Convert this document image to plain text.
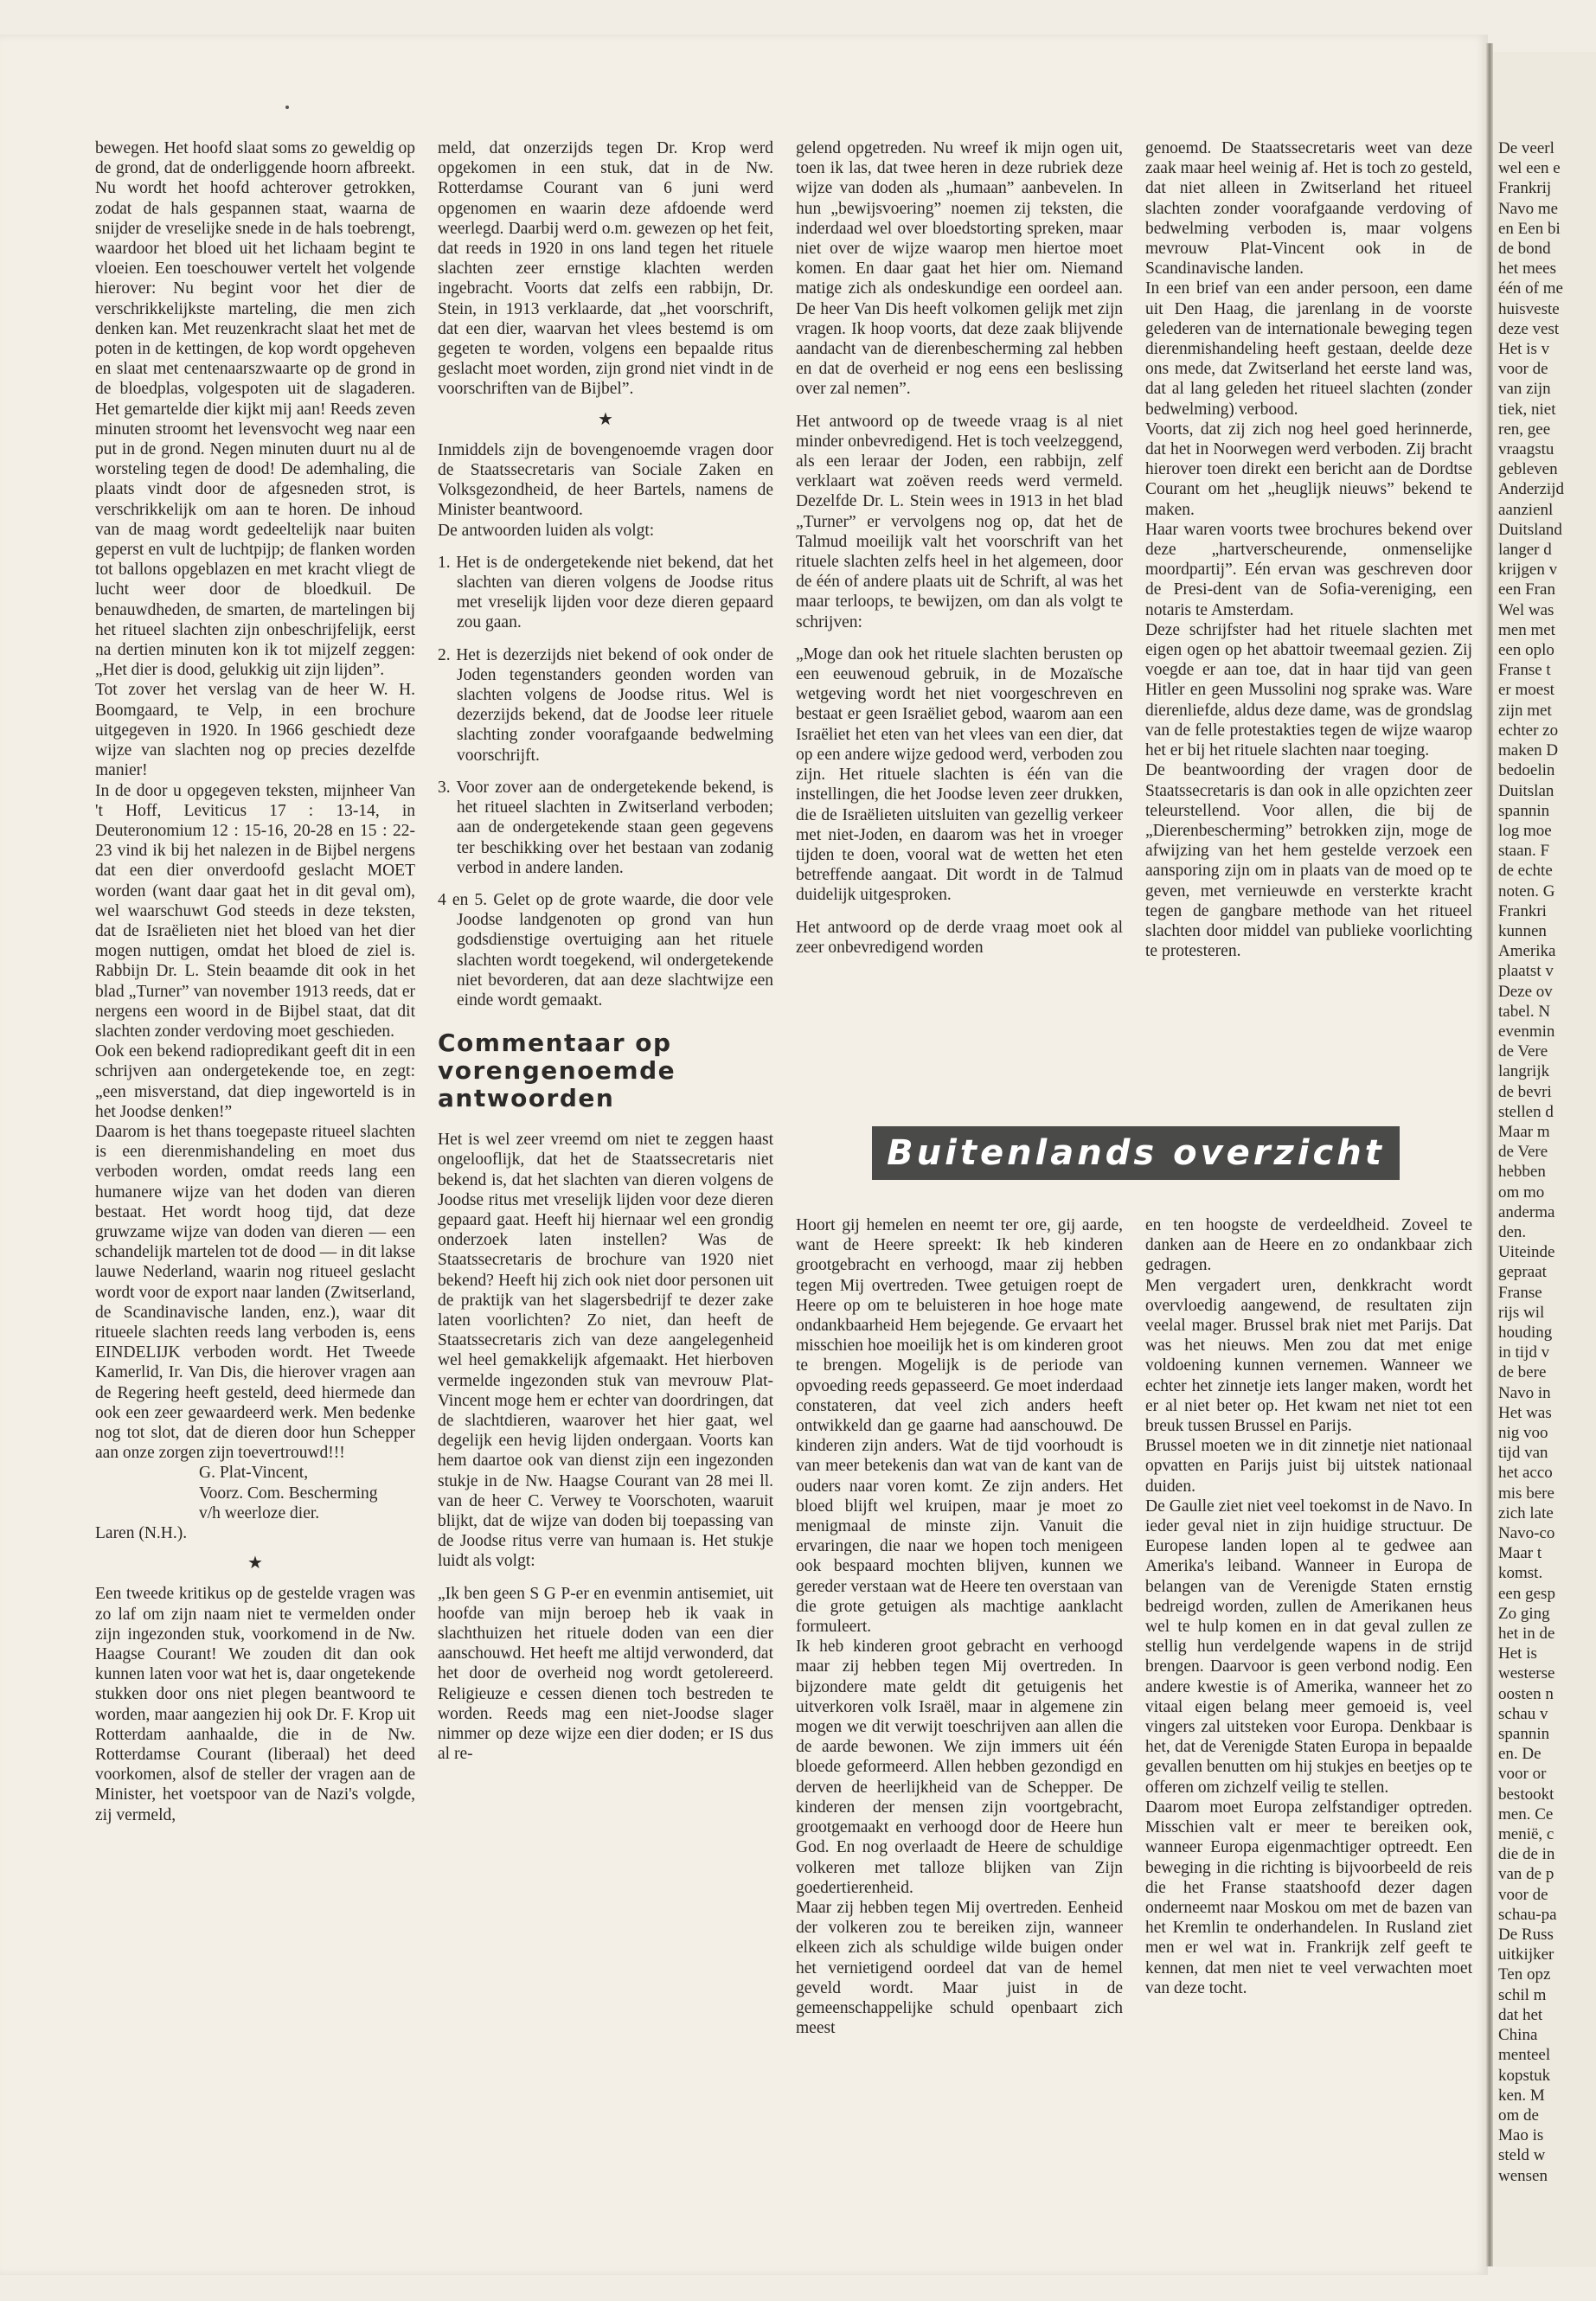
bewegen. Het hoofd slaat soms zo geweldig op de grond, dat de onderliggende hoorn afbreekt. Nu wordt het hoofd achterover getrokken, zodat de hals gespannen staat, waarna de snijder de vreselijke snede in de hals toebrengt, waardoor het bloed uit het lichaam begint te vloeien. Een toeschouwer vertelt het volgende hierover: Nu begint voor het dier de verschrikkelijkste marteling, die men zich denken kan. Met reuzenkracht slaat het met de poten in de kettingen, de kop wordt opgeheven en slaat met centenaarszwaarte op de grond in de bloedplas, volgespoten uit de slagaderen. Het gemartelde dier kijkt mij aan! Reeds zeven minuten stroomt het levensvocht weg naar een put in de grond. Negen minuten duurt nu al de worsteling tegen de dood! De ademhaling, die plaats vindt door de afgesneden strot, is verschrikkelijk om aan te horen. De inhoud van de maag wordt gedeeltelijk naar buiten geperst en vult de luchtpijp; de flanken worden tot ballons opgeblazen en met kracht vliegt de lucht weer door de bloedkuil. De benauwdheden, de smarten, de martelingen bij het ritueel slachten zijn onbeschrijfelijk, eerst na dertien minuten kon ik tot mijzelf zeggen: „Het dier is dood, gelukkig uit zijn lijden”.

Tot zover het verslag van de heer W. H. Boomgaard, te Velp, in een brochure uitgegeven in 1920. In 1966 geschiedt deze wijze van slachten nog op precies dezelfde manier!

In de door u opgegeven teksten, mijnheer Van 't Hoff, Leviticus 17 : 13-14, in Deuteronomium 12 : 15-16, 20-28 en 15 : 22-23 vind ik bij het nalezen in de Bijbel nergens dat een dier onverdoofd geslacht MOET worden (want daar gaat het in dit geval om), wel waarschuwt God steeds in deze teksten, dat de Israëlieten niet het bloed van het dier mogen nuttigen, omdat het bloed de ziel is. Rabbijn Dr. L. Stein beaamde dit ook in het blad „Turner” van november 1913 reeds, dat er nergens een woord in de Bijbel staat, dat dit slachten zonder verdoving moet geschieden.

Ook een bekend radiopredikant geeft dit in een schrijven aan ondergetekende toe, en zegt: „een misverstand, dat diep ingeworteld is in het Joodse denken!”

Daarom is het thans toegepaste ritueel slachten is een dierenmishandeling en moet dus verboden worden, omdat reeds lang een humanere wijze van het doden van dieren bestaat. Het wordt hoog tijd, dat deze gruwzame wijze van doden van dieren — een schandelijk martelen tot de dood — in dit lakse lauwe Nederland, waarin nog ritueel geslacht wordt voor de export naar landen (Zwitserland, de Scandinavische landen, enz.), waar dit ritueele slachten reeds lang verboden is, eens EINDELIJK verboden wordt. Het Tweede Kamerlid, Ir. Van Dis, die hierover vragen aan de Regering heeft gesteld, deed hiermede dan ook een zeer gewaardeerd werk. Men bedenke nog tot slot, dat de dieren door hun Schepper aan onze zorgen zijn toevertrouwd!!!

G. Plat-Vincent,

Voorz. Com. Bescherming

v/h weerloze dier.

Laren (N.H.).

★

Een tweede kritikus op de gestelde vragen was zo laf om zijn naam niet te vermelden onder zijn ingezonden stuk, voorkomend in de Nw. Haagse Courant! We zouden dit dan ook kunnen laten voor wat het is, daar ongetekende stukken door ons niet plegen beantwoord te worden, maar aangezien hij ook Dr. F. Krop uit Rotterdam aanhaalde, die in de Nw. Rotterdamse Courant (liberaal) het deed voorkomen, alsof de steller der vragen aan de Minister, het voetspoor van de Nazi's volgde, zij vermeld,

meld, dat onzerzijds tegen Dr. Krop werd opgekomen in een stuk, dat in de Nw. Rotterdamse Courant van 6 juni werd opgenomen en waarin deze afdoende werd weerlegd. Daarbij werd o.m. gewezen op het feit, dat reeds in 1920 in ons land tegen het rituele slachten zeer ernstige klachten werden ingebracht. Voorts dat zelfs een rabbijn, Dr. Stein, in 1913 verklaarde, dat „het voorschrift, dat een dier, waarvan het vlees bestemd is om gegeten te worden, volgens een bepaalde ritus geslacht moet worden, zijn grond niet vindt in de voorschriften van de Bijbel”.

★

Inmiddels zijn de bovengenoemde vragen door de Staatssecretaris van Sociale Zaken en Volksgezondheid, de heer Bartels, namens de Minister beantwoord.

De antwoorden luiden als volgt:

1. Het is de ondergetekende niet bekend, dat het slachten van dieren volgens de Joodse ritus met vreselijk lijden voor deze dieren gepaard zou gaan.

2. Het is dezerzijds niet bekend of ook onder de Joden tegenstanders geonden worden van slachten volgens de Joodse ritus. Wel is dezerzijds bekend, dat de Joodse leer rituele slachting zonder voorafgaande bedwelming voorschrijft.

3. Voor zover aan de ondergetekende bekend, is het ritueel slachten in Zwitserland verboden; aan de ondergetekende staan geen gegevens ter beschikking over het bestaan van zodanig verbod in andere landen.

4 en 5. Gelet op de grote waarde, die door vele Joodse landgenoten op grond van hun godsdienstige overtuiging aan het rituele slachten wordt toegekend, wil ondergetekende niet bevorderen, dat aan deze slachtwijze een einde wordt gemaakt.

Commentaar op vorengenoemde antwoorden

Het is wel zeer vreemd om niet te zeggen haast ongelooflijk, dat het de Staatssecretaris niet bekend is, dat het slachten van dieren volgens de Joodse ritus met vreselijk lijden voor deze dieren gepaard gaat. Heeft hij hiernaar wel een grondig onderzoek laten instellen? Was de Staatssecretaris de brochure van 1920 niet bekend? Heeft hij zich ook niet door personen uit de praktijk van het slagersbedrijf te dezer zake laten voorlichten? Zo niet, dan heeft de Staatssecretaris zich van deze aangelegenheid wel heel gemakkelijk afgemaakt. Het hierboven vermelde ingezonden stuk van mevrouw Plat-Vincent moge hem er echter van doordringen, dat de slachtdieren, waarover het hier gaat, wel degelijk een hevig lijden ondergaan. Voorts kan hem daartoe ook van dienst zijn een ingezonden stukje in de Nw. Haagse Courant van 28 mei ll. van de heer C. Verwey te Voorschoten, waaruit blijkt, dat de wijze van doden bij toepassing van de Joodse ritus verre van humaan is. Het stukje luidt als volgt:

„Ik ben geen S G P-er en evenmin antisemiet, uit hoofde van mijn beroep heb ik vaak in slachthuizen het rituele doden van een dier aanschouwd. Het heeft me altijd verwonderd, dat het door de overheid nog wordt getolereerd. Religieuze e cessen dienen toch bestreden te worden. Reeds mag een niet-Joodse slager nimmer op deze wijze een dier doden; er IS dus al re-

gelend opgetreden. Nu wreef ik mijn ogen uit, toen ik las, dat twee heren in deze rubriek deze wijze van doden als „humaan” aanbevelen. In hun „bewijsvoering” noemen zij teksten, die inderdaad wel over bloedstorting spreken, maar niet over de wijze waarop men hiertoe moet komen. En daar gaat het hier om. Niemand matige zich als ondeskundige een oordeel aan. De heer Van Dis heeft volkomen gelijk met zijn vragen. Ik hoop voorts, dat deze zaak blijvende aandacht van de dierenbescherming zal hebben en dat de overheid er nog eens een beslissing over zal nemen”.

Het antwoord op de tweede vraag is al niet minder onbevredigend. Het is toch veelzeggend, als een leraar der Joden, een rabbijn, zelf verklaart wat zoëven reeds werd vermeld. Dezelfde Dr. L. Stein wees in 1913 in het blad „Turner” er vervolgens nog op, dat het de Talmud moeilijk valt het voorschrift van het rituele slachten zelfs heel in het algemeen, door de één of andere plaats uit de Schrift, al was het maar terloops, te bewijzen, om dan als volgt te schrijven:

„Moge dan ook het rituele slachten berusten op een eeuwenoud gebruik, in de Mozaïsche wetgeving wordt het niet voorgeschreven en bestaat er geen Israëliet gebod, waarom aan een Israëliet het eten van het vlees van een dier, dat op een andere wijze gedood werd, verboden zou zijn. Het rituele slachten is één van die instellingen, die het Joodse leven zeer drukken, die de Israëlieten uitsluiten van gezellig verkeer met niet-Joden, en daarom was het in vroeger tijden te doen, vooral wat de wetten het eten betreffende aangaat. Dit wordt in de Talmud duidelijk uitgesproken.

Het antwoord op de derde vraag moet ook al zeer onbevredigend worden

genoemd. De Staatssecretaris weet van deze zaak maar heel weinig af. Het is toch zo gesteld, dat niet alleen in Zwitserland het ritueel slachten zonder voorafgaande verdoving of bedwelming verboden is, maar volgens mevrouw Plat-Vincent ook in de Scandinavische landen.

In een brief van een ander persoon, een dame uit Den Haag, die jarenlang in de voorste gelederen van de internationale beweging tegen dierenmishandeling heeft gestaan, deelde deze ons mede, dat Zwitserland het eerste land was, dat al lang geleden het ritueel slachten (zonder bedwelming) verbood.

Voorts, dat zij zich nog heel goed herinnerde, dat het in Noorwegen werd verboden. Zij bracht hierover toen direkt een bericht aan de Dordtse Courant om het „heuglijk nieuws” bekend te maken.

Haar waren voorts twee brochures bekend over deze „hartverscheurende, onmenselijke moordpartij”. Eén ervan was geschreven door de Presi-dent van de Sofia-vereniging, een notaris te Amsterdam.

Deze schrijfster had het rituele slachten met eigen ogen op het abattoir tweemaal gezien. Zij voegde er aan toe, dat in haar tijd van geen Hitler en geen Mussolini nog sprake was. Ware dierenliefde, aldus deze dame, was de grondslag van de felle protestakties tegen de wijze waarop het er bij het rituele slachten naar toeging.

De beantwoording der vragen door de Staatssecretaris is dan ook in alle opzichten zeer teleurstellend. Voor allen, die bij de „Dierenbescherming” betrokken zijn, moge de afwijzing van het hem gestelde verzoek een aansporing zijn om in plaats van de moed op te geven, met vernieuwde en versterkte kracht tegen de gangbare methode van het ritueel slachten door middel van publieke voorlichting te protesteren.

Buitenlands overzicht

Hoort gij hemelen en neemt ter ore, gij aarde, want de Heere spreekt: Ik heb kinderen grootgebracht en verhoogd, maar zij hebben tegen Mij overtreden. Twee getuigen roept de Heere op om te beluisteren in hoe hoge mate ondankbaarheid Hem bejegende. Ge ervaart het misschien hoe moeilijk het is om kinderen groot te brengen. Mogelijk is de periode van opvoeding reeds gepasseerd. Ge moet inderdaad constateren, dat veel zich anders heeft ontwikkeld dan ge gaarne had aanschouwd. De kinderen zijn anders. Wat de tijd voorhoudt is van meer betekenis dan wat van de kant van de ouders naar voren komt. Ze zijn anders. Het bloed blijft wel kruipen, maar je moet zo menigmaal de minste zijn. Vanuit die ervaringen, die naar we hopen toch menigeen ook bespaard mochten blijven, kunnen we gereder verstaan wat de Heere ten overstaan van die grote getuigen als machtige aanklacht formuleert.

Ik heb kinderen groot gebracht en verhoogd maar zij hebben tegen Mij overtreden. In bijzondere mate geldt dit getuigenis het uitverkoren volk Israël, maar in algemene zin mogen we dit verwijt toeschrijven aan allen die de aarde bewonen. We zijn immers uit één bloede geformeerd. Allen hebben gezondigd en derven de heerlijkheid van de Schepper. De kinderen der mensen zijn voortgebracht, grootgemaakt en verhoogd door de Heere hun God. En nog overlaadt de Heere de schuldige volkeren met talloze blijken van Zijn goedertierenheid.

Maar zij hebben tegen Mij overtreden. Eenheid der volkeren zou te bereiken zijn, wanneer elkeen zich als schuldige wilde buigen onder het vernietigend oordeel dat van de hemel geveld wordt. Maar juist in de gemeenschappelijke schuld openbaart zich meest

en ten hoogste de verdeeldheid. Zoveel te danken aan de Heere en zo ondankbaar zich gedragen.

Men vergadert uren, denkkracht wordt overvloedig aangewend, de resultaten zijn veelal mager. Brussel brak niet met Parijs. Dat was het nieuws. Men zou dat met enige voldoening kunnen vernemen. Wanneer we echter het zinnetje iets langer maken, wordt het er al niet beter op. Het kwam net niet tot een breuk tussen Brussel en Parijs.

Brussel moeten we in dit zinnetje niet nationaal opvatten en Parijs juist bij uitstek nationaal duiden.

De Gaulle ziet niet veel toekomst in de Navo. In ieder geval niet in zijn huidige structuur. De Europese landen lopen al te gedwee aan Amerika's leiband. Wanneer in Europa de belangen van de Verenigde Staten ernstig bedreigd worden, zullen de Amerikanen heus wel te hulp komen en in dat geval zullen ze stellig hun verdelgende wapens in de strijd brengen. Daarvoor is geen verbond nodig. Een andere kwestie is of Amerika, wanneer het zo vitaal eigen belang meer gemoeid is, veel vingers zal uitsteken voor Europa. Denkbaar is het, dat de Verenigde Staten Europa in bepaalde gevallen benutten om hij stukjes en beetjes op te offeren om zichzelf veilig te stellen.

Daarom moet Europa zelfstandiger optreden. Misschien valt er meer te bereiken ook, wanneer Europa eigenmachtiger optreedt. Een beweging in die richting is bijvoorbeeld de reis die het Franse staatshoofd dezer dagen onderneemt naar Moskou om met de bazen van het Kremlin te onderhandelen. In Rusland ziet men er wel wat in. Frankrijk zelf geeft te kennen, dat men niet te veel verwachten moet van deze tocht.

De veerl
wel een e
Frankrij
Navo me
en Een bi
de bond
het mees
één of me
huisveste
deze vest
Het is v
voor de
van zijn
tiek, niet
ren, gee
vraagstu
gebleven
Anderzijd
aanzienl
Duitsland
langer d
krijgen v
een Fran
Wel was
men met
een oplo
Franse t
er moest
zijn met
echter zo
maken D
bedoelin
Duitslan
spannin
log moe
staan. F
de echte
noten. G
Frankri
kunnen
Amerika
plaatst v
Deze ov
tabel. N
evenmin
de Vere
langrijk
de bevri
stellen d
Maar m
de Vere
hebben
om mo
anderma
den.
Uiteinde
gepraat
Franse
rijs wil
houding
in tijd v
de bere
Navo in
Het was
nig voo
tijd van
het acco
mis bere
zich late
Navo-co
Maar t
komst.
een gesp
Zo ging
het in de
Het is
westerse
oosten n
schau v
spannin
en. De
voor or
bestookt
men. Ce
menië, c
die de in
van de p
voor de
schau-pa
De Russ
uitkijker
Ten opz
schil m
dat het
China
menteel
kopstuk
ken. M
om de
Mao is
steld w
wensen
